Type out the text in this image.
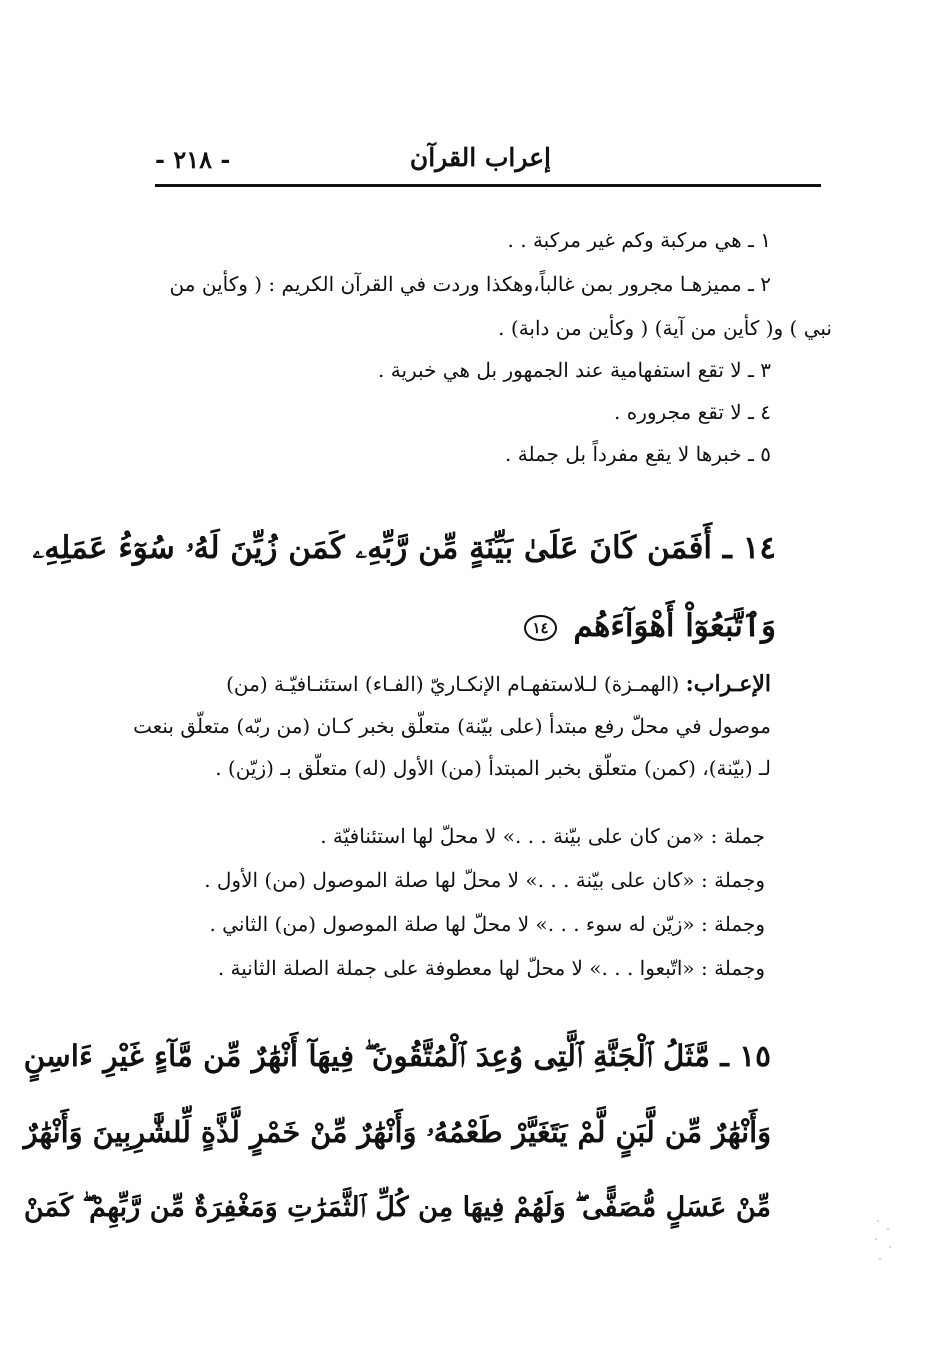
إعراب القرآن
- ٢١٨ -
١ ـ هي مركبة وكم غير مركبة . .
٢ ـ مميزهـا مجرور بمن غالباً،وهكذا وردت في القرآن الكريم : ( وكأين من
نبي ) و( كأين من آية) ( وكأين من دابة) .
٣ ـ لا تقع استفهامية عند الجمهور بل هي خبرية .
٤ ـ لا تقع مجروره .
٥ ـ خبرها لا يقع مفرداً بل جملة .
١٤ ـ أَفَمَن كَانَ عَلَىٰ بَيِّنَةٍ مِّن رَّبِّهِۦ كَمَن زُيِّنَ لَهُۥ سُوٓءُ عَمَلِهِۦ
وَٱتَّبَعُوٓاْ أَهْوَآءَهُم ١٤
الإعـراب: (الهمـزة) لـلاستفهـام الإنكـاريّ (الفـاء) استئنـافيّـة (من)
موصول في محلّ رفع مبتدأ (على بيّنة) متعلّق بخبر كـان (من ربّه) متعلّق بنعت
لـ (بيّنة)، (كمن) متعلّق بخبر المبتدأ (من) الأول (له) متعلّق بـ (زيّن) .
جملة : «من كان على بيّنة . . .» لا محلّ لها استئنافيّة .
وجملة : «كان على بيّنة . . .» لا محلّ لها صلة الموصول (من) الأول .
وجملة : «زيّن له سوء . . .» لا محلّ لها صلة الموصول (من) الثاني .
وجملة : «اتّبعوا . . .» لا محلّ لها معطوفة على جملة الصلة الثانية .
١٥ ـ مَّثَلُ ٱلْجَنَّةِ ٱلَّتِى وُعِدَ ٱلْمُتَّقُونَ ۖ فِيهَآ أَنْهَٰرٌ مِّن مَّآءٍ غَيْرِ ءَاسِنٍ
وَأَنْهَٰرٌ مِّن لَّبَنٍ لَّمْ يَتَغَيَّرْ طَعْمُهُۥ وَأَنْهَٰرٌ مِّنْ خَمْرٍ لَّذَّةٍ لِّلشَّٰرِبِينَ وَأَنْهَٰرٌ
مِّنْ عَسَلٍ مُّصَفًّى ۖ وَلَهُمْ فِيهَا مِن كُلِّ ٱلثَّمَرَٰتِ وَمَغْفِرَةٌ مِّن رَّبِّهِمْ ۖ كَمَنْ
